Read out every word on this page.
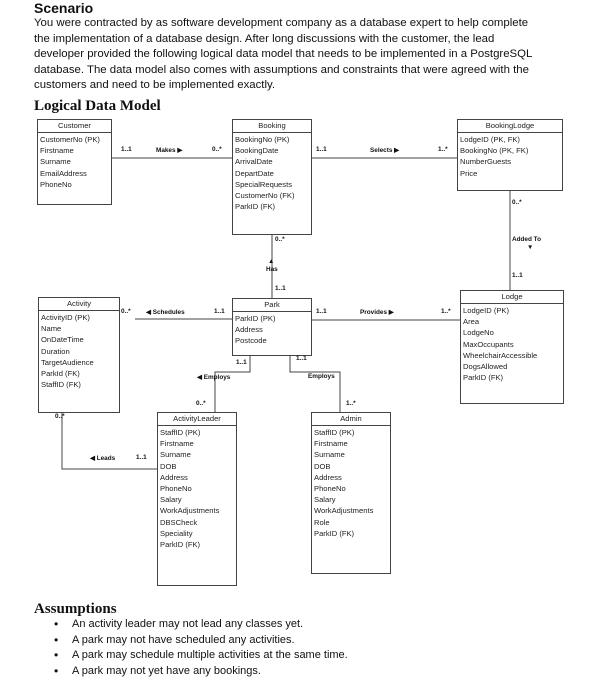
Scenario
You were contracted by as software development company as a database expert to help complete
the implementation of a database design. After long discussions with the customer, the lead
developer provided the following logical data model that needs to be implemented in a PostgreSQL
database. The data model also comes with assumptions and constraints that were agreed with the
customers and need to be implemented exactly.
Logical Data Model
Customer
CustomerNo (PK)
Firstname
Surname
EmailAddress
PhoneNo
Booking
BookingNo (PK)
BookingDate
ArrivalDate
DepartDate
SpecialRequests
CustomerNo (FK)
ParkID (FK)
BookingLodge
LodgeID (PK, FK)
BookingNo (PK, FK)
NumberGuests
Price
Activity
ActivityID (PK)
Name
OnDateTime
Duration
TargetAudience
ParkId (FK)
StaffID (FK)
Park
ParkID (PK)
Address
Postcode
Lodge
LodgeID (PK)
Area
LodgeNo
MaxOccupants
WheelchairAccessible
DogsAllowed
ParkID (FK)
ActivityLeader
StaffID (PK)
Firstname
Surname
DOB
Address
PhoneNo
Salary
WorkAdjustments
DBSCheck
Speciality
ParkID (FK)
Admin
StaffID (PK)
Firstname
Surname
DOB
Address
PhoneNo
Salary
WorkAdjustments
Role
ParkID (FK)
Makes ▶	Selects ▶
Added To
▼
▲
Has
◀ Schedules	Provides ▶
◀ Employs	Employs
◀ Leads
1..1	0..*	1..1	1..*
0..*
1..1
0..*
1..1
0..*	1..1	1..1	1..*
1..1
0..*
1..1
1..*
0..*
1..1
Assumptions
• An activity leader may not lead any classes yet.
• A park may not have scheduled any activities.
• A park may schedule multiple activities at the same time.
• A park may not yet have any bookings.
